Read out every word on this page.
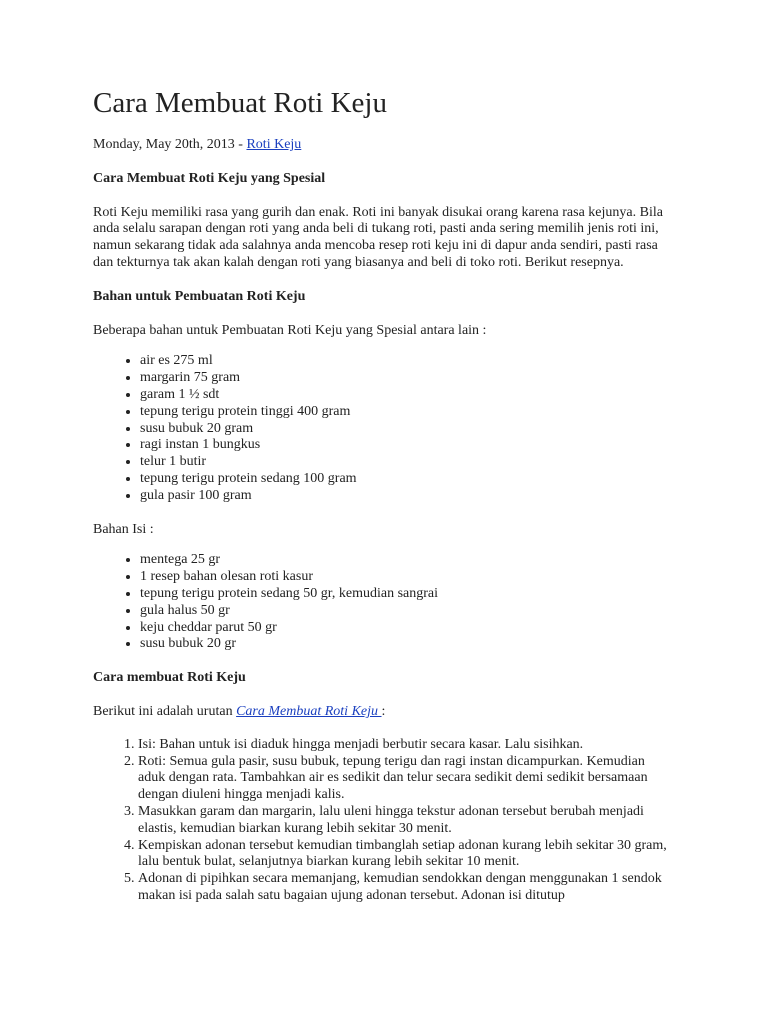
Cara Membuat Roti Keju

Monday, May 20th, 2013 - Roti Keju

Cara Membuat Roti Keju yang Spesial

Roti Keju memiliki rasa yang gurih dan enak. Roti ini banyak disukai orang karena rasa kejunya. Bila anda selalu sarapan dengan roti yang anda beli di tukang roti, pasti anda sering memilih jenis roti ini, namun sekarang tidak ada salahnya anda mencoba resep roti keju ini di dapur anda sendiri, pasti rasa dan tekturnya tak akan kalah dengan roti yang biasanya and beli di toko roti. Berikut resepnya.

Bahan untuk Pembuatan Roti Keju

Beberapa bahan untuk Pembuatan Roti Keju yang Spesial antara lain :

• air es 275 ml
• margarin 75 gram
• garam 1 ½ sdt
• tepung terigu protein tinggi 400 gram
• susu bubuk 20 gram
• ragi instan 1 bungkus
• telur 1 butir
• tepung terigu protein sedang 100 gram
• gula pasir 100 gram

Bahan Isi :

• mentega 25 gr
• 1 resep bahan olesan roti kasur
• tepung terigu protein sedang 50 gr, kemudian sangrai
• gula halus 50 gr
• keju cheddar parut 50 gr
• susu bubuk 20 gr

Cara membuat Roti Keju

Berikut ini adalah urutan Cara Membuat Roti Keju :

1. Isi: Bahan untuk isi diaduk hingga menjadi berbutir secara kasar. Lalu sisihkan.
2. Roti: Semua gula pasir, susu bubuk, tepung terigu dan ragi instan dicampurkan. Kemudian aduk dengan rata. Tambahkan air es sedikit dan telur secara sedikit demi sedikit bersamaan dengan diuleni hingga menjadi kalis.
3. Masukkan garam dan margarin, lalu uleni hingga tekstur adonan tersebut berubah menjadi elastis, kemudian biarkan kurang lebih sekitar 30 menit.
4. Kempiskan adonan tersebut kemudian timbanglah setiap adonan kurang lebih sekitar 30 gram, lalu bentuk bulat, selanjutnya biarkan kurang lebih sekitar 10 menit.
5. Adonan di pipihkan secara memanjang, kemudian sendokkan dengan menggunakan 1 sendok makan isi pada salah satu bagaian ujung adonan tersebut. Adonan isi ditutup
